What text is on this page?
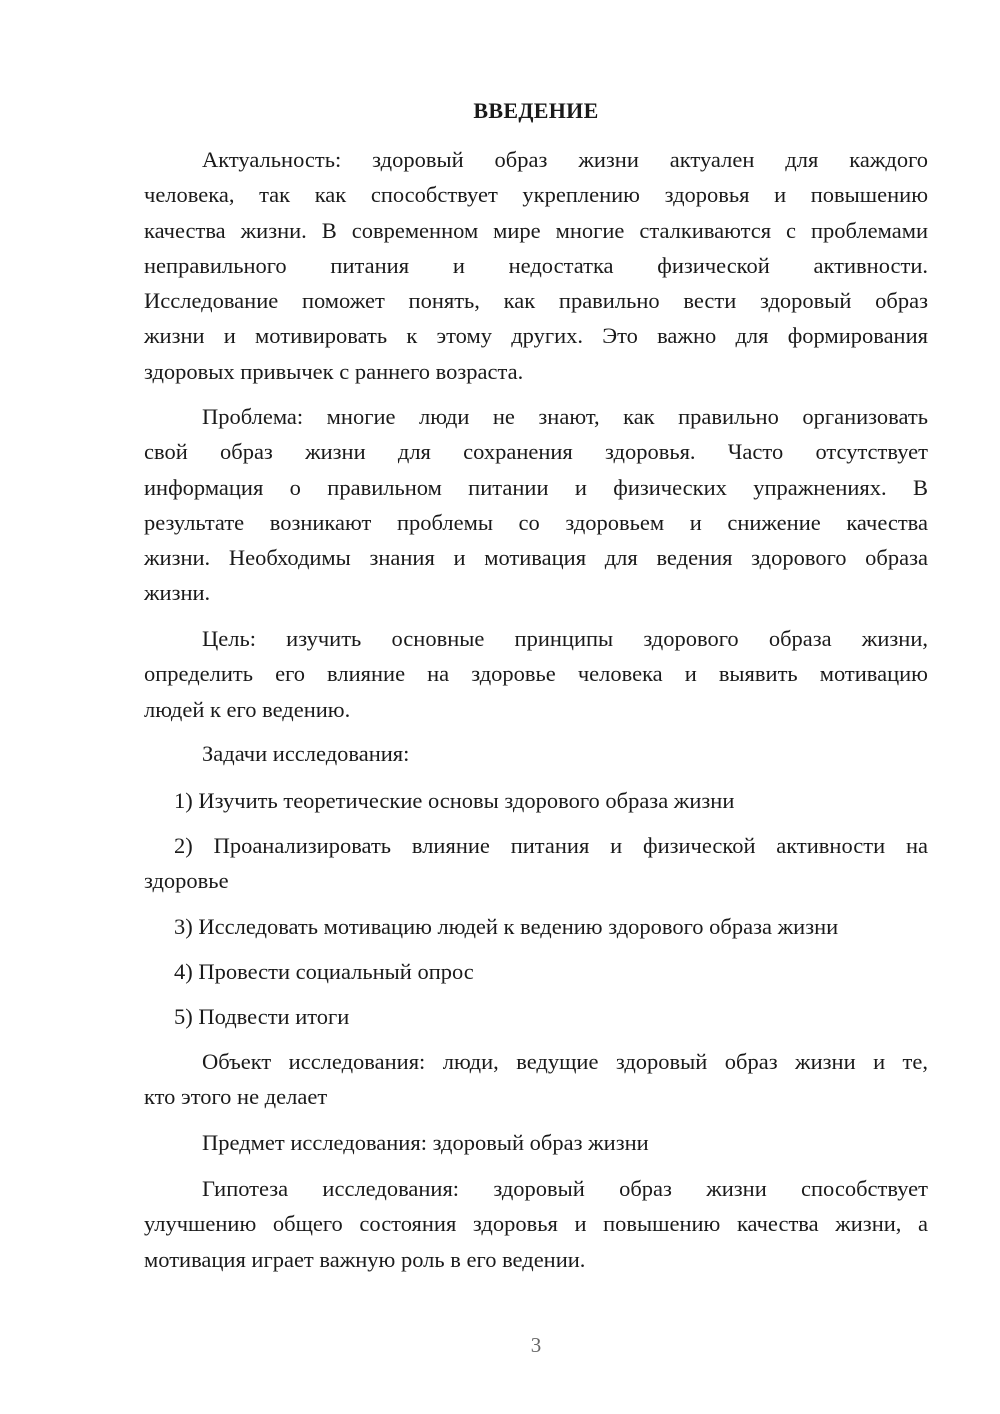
ВВЕДЕНИЕ
Актуальность: здоровый образ жизни актуален для каждого
человека, так как способствует укреплению здоровья и повышению
качества жизни. В современном мире многие сталкиваются с проблемами
неправильного питания и недостатка физической активности.
Исследование поможет понять, как правильно вести здоровый образ
жизни и мотивировать к этому других. Это важно для формирования
здоровых привычек с раннего возраста.
Проблема: многие люди не знают, как правильно организовать
свой образ жизни для сохранения здоровья. Часто отсутствует
информация о правильном питании и физических упражнениях. В
результате возникают проблемы со здоровьем и снижение качества
жизни. Необходимы знания и мотивация для ведения здорового образа
жизни.
Цель: изучить основные принципы здорового образа жизни,
определить его влияние на здоровье человека и выявить мотивацию
людей к его ведению.
Задачи исследования:
1) Изучить теоретические основы здорового образа жизни
2) Проанализировать влияние питания и физической активности на
здоровье
3) Исследовать мотивацию людей к ведению здорового образа жизни
4) Провести социальный опрос
5) Подвести итоги
Объект исследования: люди, ведущие здоровый образ жизни и те,
кто этого не делает
Предмет исследования: здоровый образ жизни
Гипотеза исследования: здоровый образ жизни способствует
улучшению общего состояния здоровья и повышению качества жизни, а
мотивация играет важную роль в его ведении.
3
